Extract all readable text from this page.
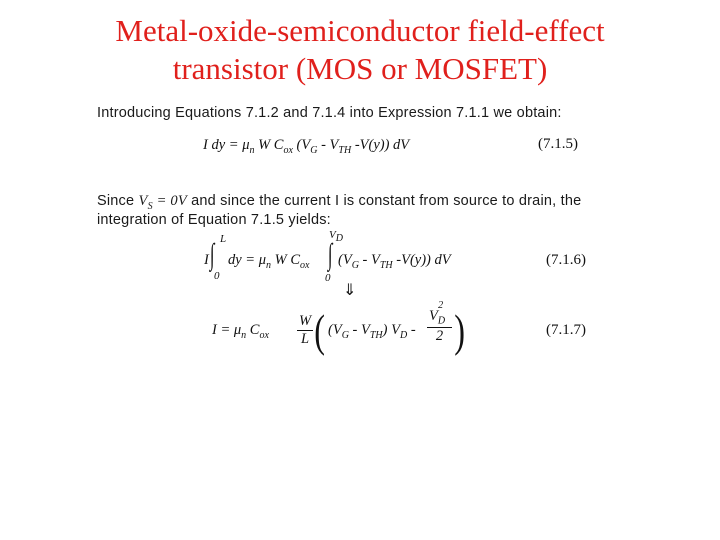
Metal-oxide-semiconductor field-effect
transistor (MOS or MOSFET)
Introducing Equations 7.1.2 and 7.1.4 into Expression 7.1.1 we obtain:
I dy = $\mu_n$ W $C_{ox}$ ($V_G - V_{TH}$ -V(y)) dV	(7.1.5)
Since $V_S = 0V$ and since the current I is constant from source to drain, the
integration of Equation 7.1.5 yields:
I
L
∫
0
dy = $\mu_n$ W $C_{ox}$
$V_D$
∫
0
($V_G - V_{TH}$ -V(y)) dV	(7.1.6)
⇓
$I = \mu_n$ $C_{ox} \frac{W}{L}$ ( $(V_G - V_{TH})$ $V_D - \frac{V_D^2}{2}$ )	(7.1.7)
